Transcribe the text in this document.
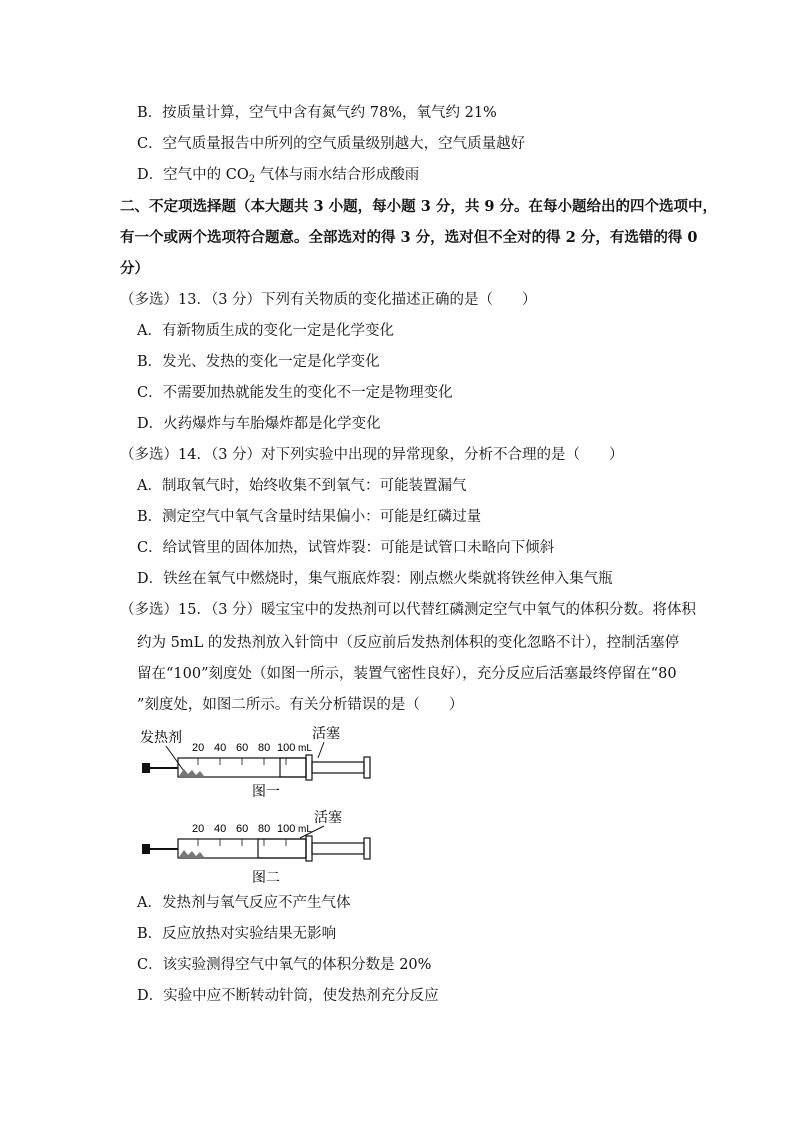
B．按质量计算，空气中含有氮气约 78%，氧气约 21%
C．空气质量报告中所列的空气质量级别越大，空气质量越好
D．空气中的 $CO_2$ 气体与雨水结合形成酸雨
二、不定项选择题（本大题共 3 小题，每小题 3 分，共 9 分。在每小题给出的四个选项中，
有一个或两个选项符合题意。全部选对的得 3 分，选对但不全对的得 2 分，有选错的得 0
分）
（多选）13．（3 分）下列有关物质的变化描述正确的是（　　）
A．有新物质生成的变化一定是化学变化
B．发光、发热的变化一定是化学变化
C．不需要加热就能发生的变化不一定是物理变化
D．火药爆炸与车胎爆炸都是化学变化
（多选）14．（3 分）对下列实验中出现的异常现象，分析不合理的是（　　）
A．制取氧气时，始终收集不到氧气：可能装置漏气
B．测定空气中氧气含量时结果偏小：可能是红磷过量
C．给试管里的固体加热，试管炸裂：可能是试管口未略向下倾斜
D．铁丝在氧气中燃烧时，集气瓶底炸裂：刚点燃火柴就将铁丝伸入集气瓶
（多选）15．（3 分）暖宝宝中的发热剂可以代替红磷测定空气中氧气的体积分数。将体积
约为 5mL 的发热剂放入针筒中（反应前后发热剂体积的变化忽略不计），控制活塞停
留在“100”刻度处（如图一所示，装置气密性良好），充分反应后活塞最终停留在“80
”刻度处，如图二所示。有关分析错误的是（　　）
发热剂
20 40 60 80 100 mL
活塞
图一
20 40 60 80 100 mL
活塞
图二
A．发热剂与氧气反应不产生气体
B．反应放热对实验结果无影响
C．该实验测得空气中氧气的体积分数是 20%
D．实验中应不断转动针筒，使发热剂充分反应
